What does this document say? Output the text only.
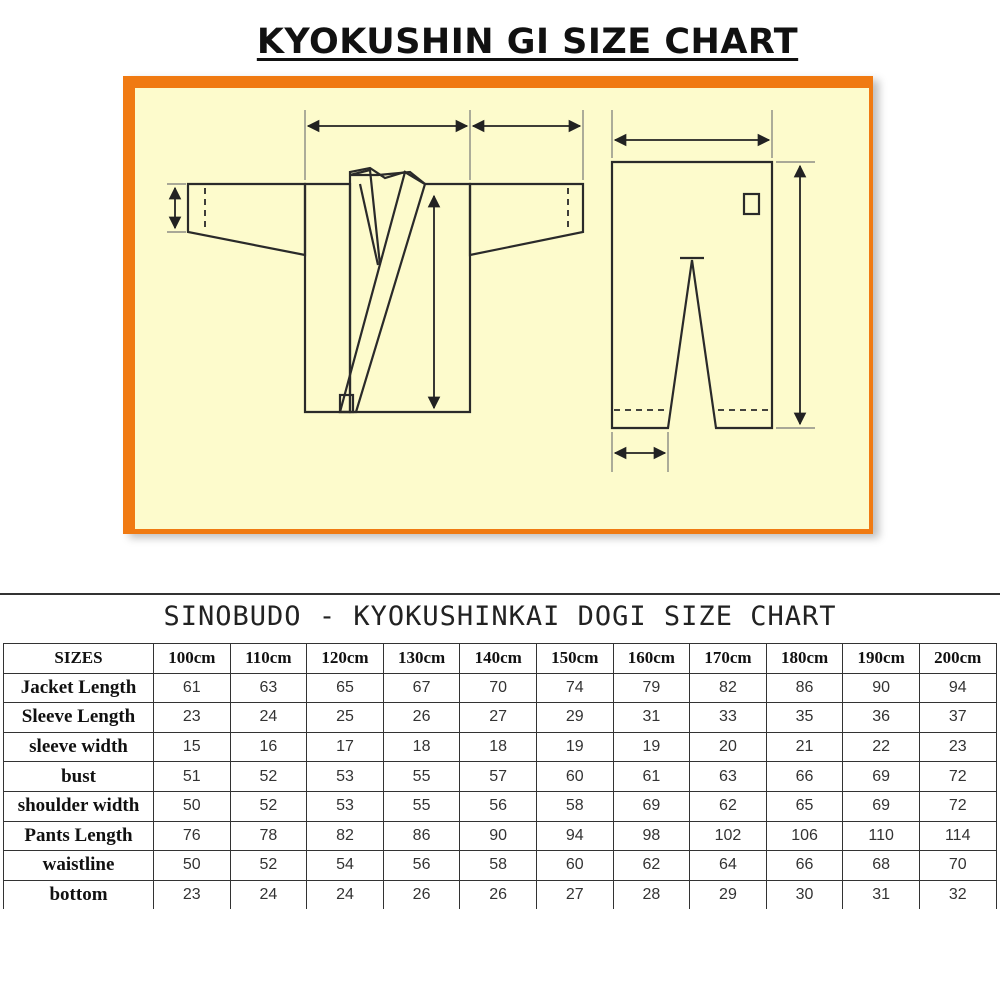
KYOKUSHIN GI SIZE CHART
SINOBUDO - KYOKUSHINKAI DOGI SIZE CHART
SIZES	100cm	110cm	120cm	130cm	140cm	150cm	160cm	170cm	180cm	190cm	200cm
Jacket Length	61	63	65	67	70	74	79	82	86	90	94
Sleeve Length	23	24	25	26	27	29	31	33	35	36	37
sleeve width	15	16	17	18	18	19	19	20	21	22	23
bust	51	52	53	55	57	60	61	63	66	69	72
shoulder width	50	52	53	55	56	58	69	62	65	69	72
Pants Length	76	78	82	86	90	94	98	102	106	110	114
waistline	50	52	54	56	58	60	62	64	66	68	70
bottom	23	24	24	26	26	27	28	29	30	31	32
